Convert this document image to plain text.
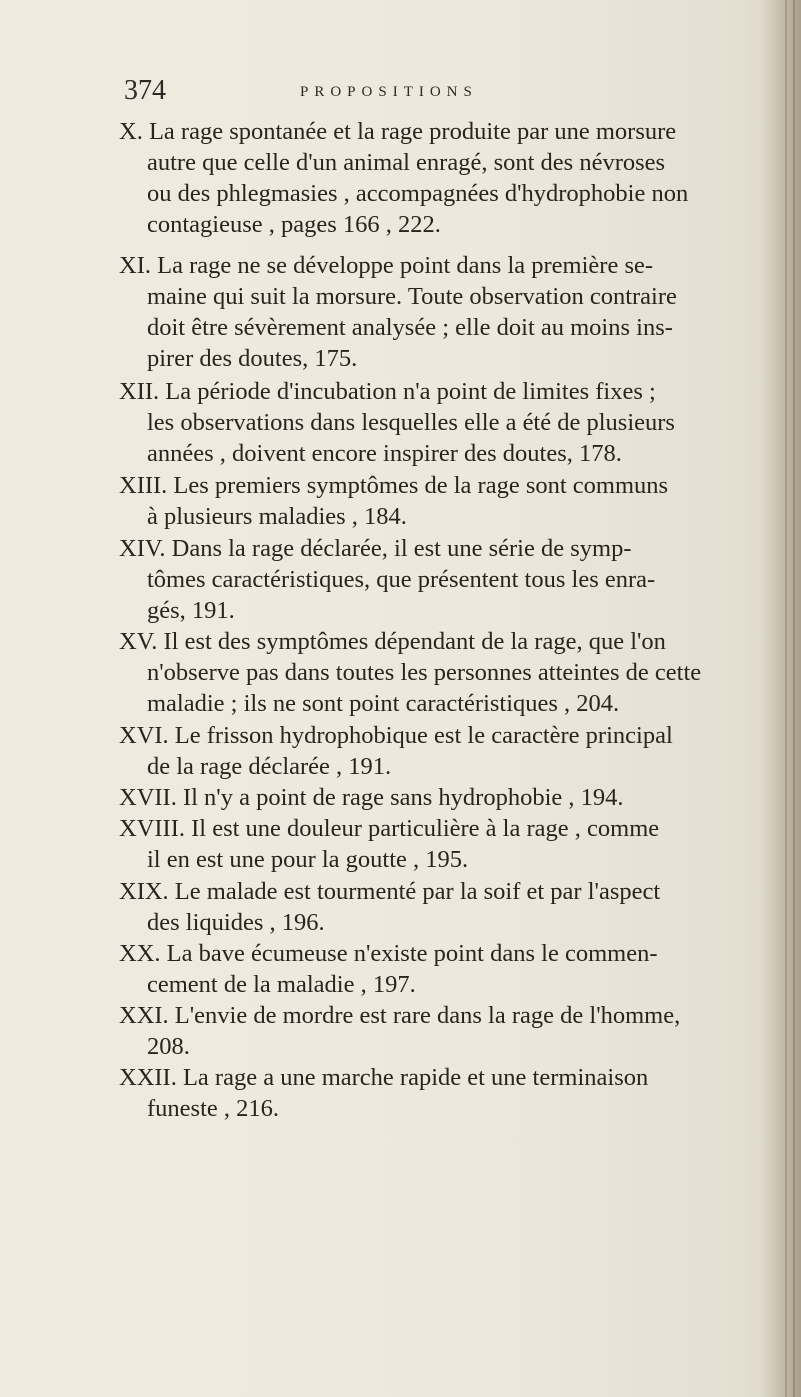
374	PROPOSITIONS
X. La rage spontanée et la rage produite par une morsure
autre que celle d'un animal enragé, sont des névroses
ou des phlegmasies , accompagnées d'hydrophobie non
contagieuse , pages 166 , 222.
XI. La rage ne se développe point dans la première se-
maine qui suit la morsure. Toute observation contraire
doit être sévèrement analysée ; elle doit au moins ins-
pirer des doutes, 175.
XII. La période d'incubation n'a point de limites fixes ;
les observations dans lesquelles elle a été de plusieurs
années , doivent encore inspirer des doutes, 178.
XIII. Les premiers symptômes de la rage sont communs
à plusieurs maladies , 184.
XIV. Dans la rage déclarée, il est une série de symp-
tômes caractéristiques, que présentent tous les enra-
gés, 191.
XV. Il est des symptômes dépendant de la rage, que l'on
n'observe pas dans toutes les personnes atteintes de cette
maladie ; ils ne sont point caractéristiques , 204.
XVI. Le frisson hydrophobique est le caractère principal
de la rage déclarée , 191.
XVII. Il n'y a point de rage sans hydrophobie , 194.
XVIII. Il est une douleur particulière à la rage , comme
il en est une pour la goutte , 195.
XIX. Le malade est tourmenté par la soif et par l'aspect
des liquides , 196.
XX. La bave écumeuse n'existe point dans le commen-
cement de la maladie , 197.
XXI. L'envie de mordre est rare dans la rage de l'homme,
208.
XXII. La rage a une marche rapide et une terminaison
funeste , 216.
